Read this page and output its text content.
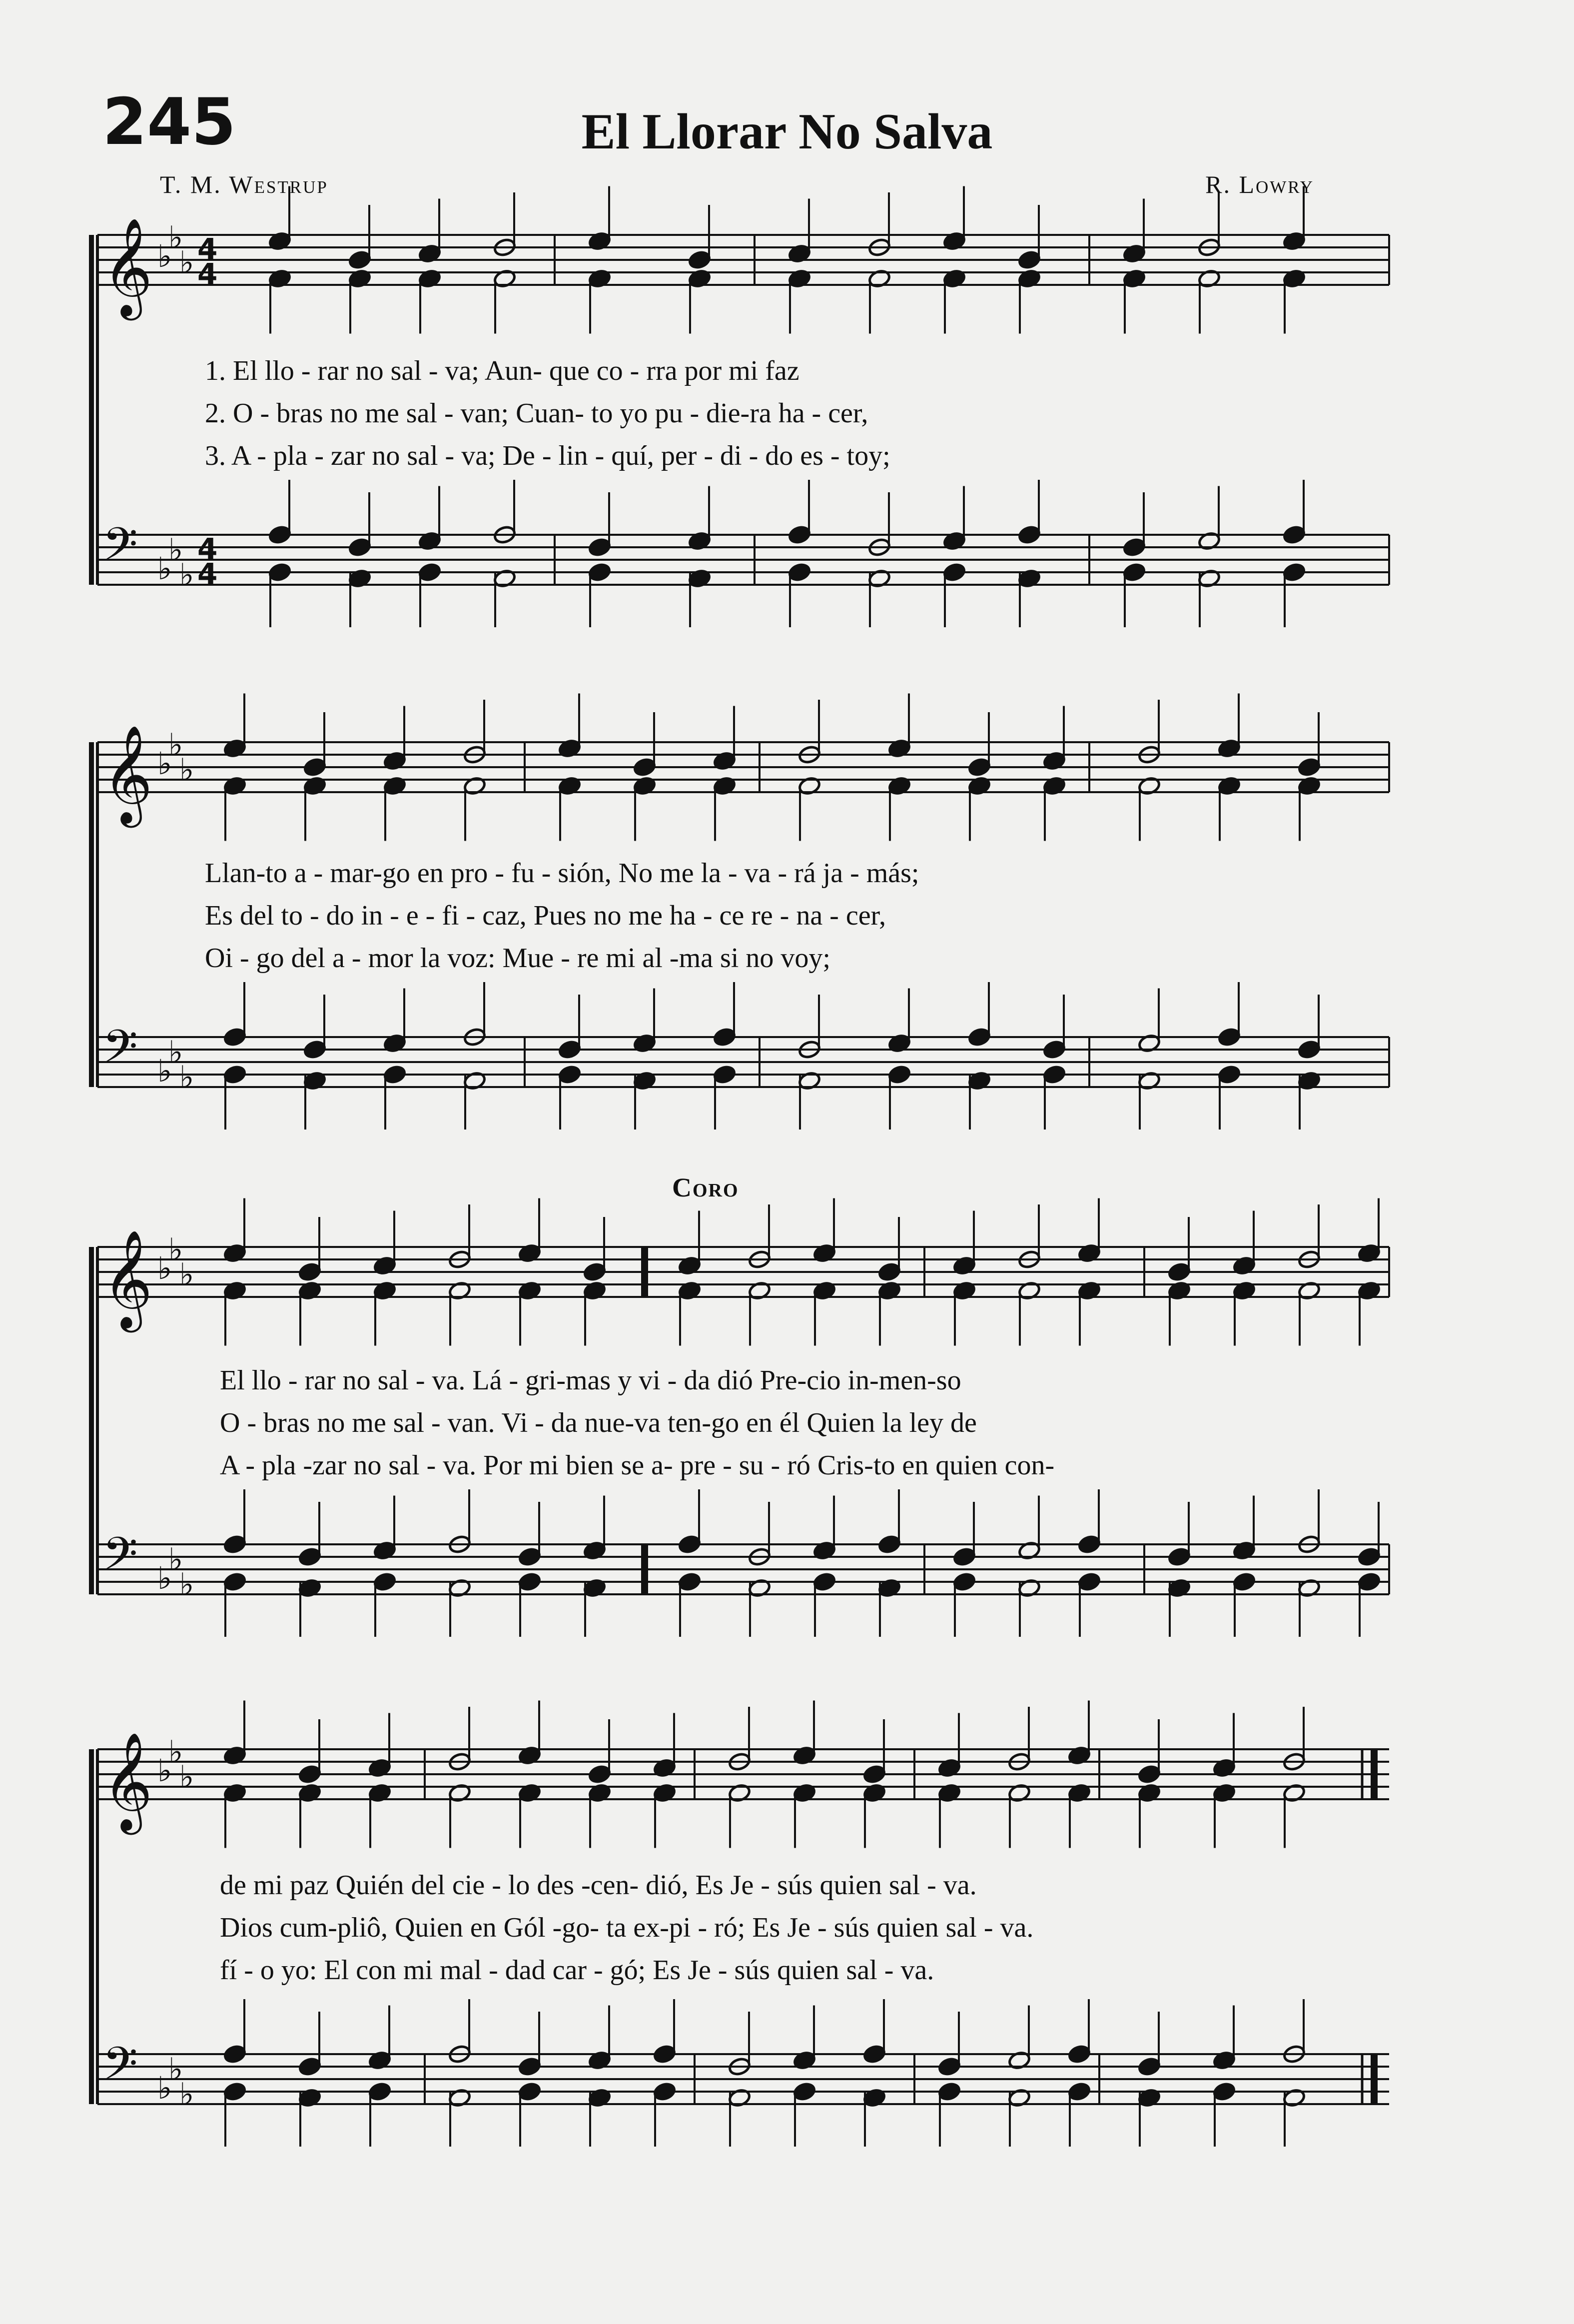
245	El Llorar No Salva
T. M. Westrup	R. Lowry
Coro
𝄞
𝄢
♭
♭
♭
♭
♭
♭
4
4
4
4
𝄞
𝄢
♭
♭
♭
♭
♭
♭
𝄞
𝄢
♭
♭
♭
♭
♭
♭
𝄞
𝄢
♭
♭
♭
♭
♭
♭
1. El llo - rar no sal - va; Aun- que co - rra por mi faz
2. O - bras no me sal - van; Cuan- to yo pu - die-ra ha - cer,
3. A - pla - zar no sal - va; De - lin - quí, per - di - do es - toy;
Llan-to a - mar-go en pro - fu - sión, No me la - va - rá ja - más;
Es del to - do in - e - fi - caz, Pues no me ha - ce re - na - cer,
Oi - go del a - mor la voz: Mue - re mi al -ma si no voy;
El llo - rar no sal - va. Lá - gri-mas y vi - da dió Pre-cio in-men-so
O - bras no me sal - van. Vi - da nue-va ten-go en él Quien la ley de
A - pla -zar no sal - va. Por mi bien se a- pre - su - ró Cris-to en quien con-
de mi paz Quién del cie - lo des -cen- dió, Es Je - sús quien sal - va.
Dios cum-pliô, Quien en Gól -go- ta ex-pi - ró; Es Je - sús quien sal - va.
fí - o yo: El con mi mal - dad car - gó; Es Je - sús quien sal - va.
